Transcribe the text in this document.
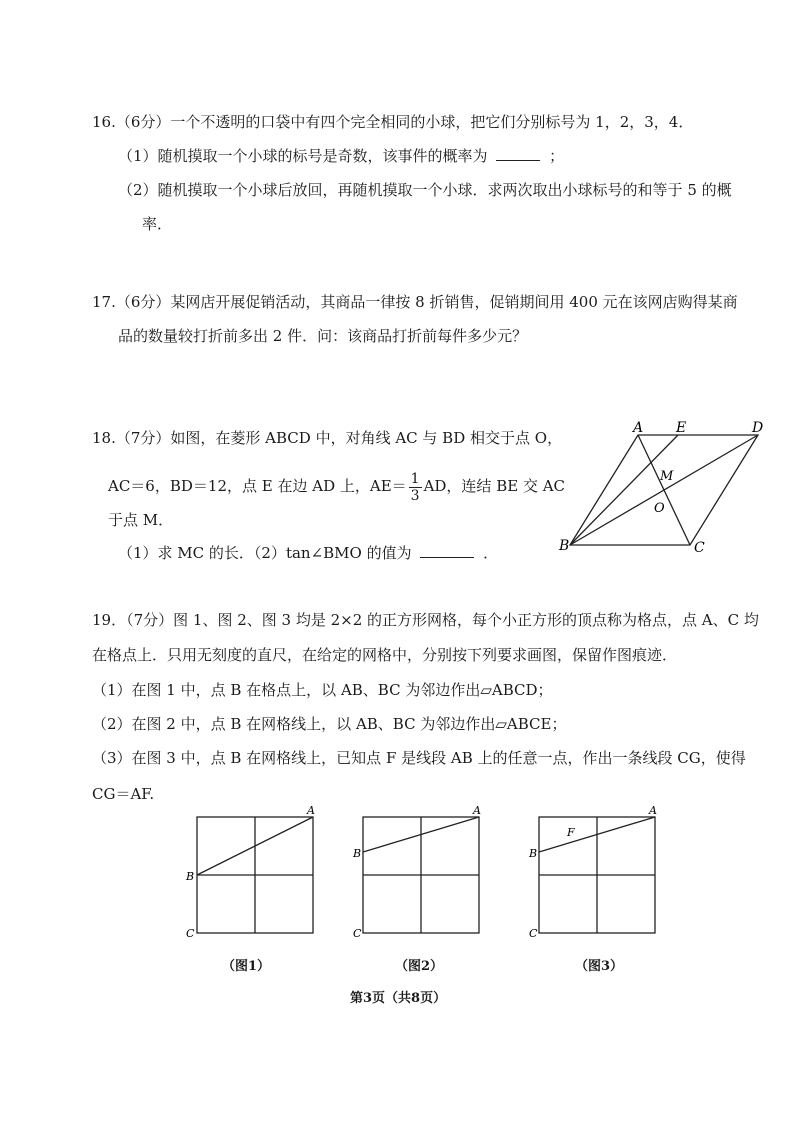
16.（6分）一个不透明的口袋中有四个完全相同的小球，把它们分别标号为 1，2，3，4．
（1）随机摸取一个小球的标号是奇数，该事件的概率为	；
（2）随机摸取一个小球后放回，再随机摸取一个小球．求两次取出小球标号的和等于 5 的概
率．
17.（6分）某网店开展促销活动，其商品一律按 8 折销售，促销期间用 400 元在该网店购得某商
品的数量较打折前多出 2 件．问：该商品打折前每件多少元？
18.（7分）如图，在菱形 ABCD 中，对角线 AC 与 BD 相交于点 O，
AC＝6，BD＝12，点 E 在边 AD 上，$AE= \frac{1}{3}$ AD，连结 BE 交 AC
于点 M．
（1）求 MC 的长．（2）tan∠BMO 的值为	．
A E	D
M
O
B	C
19．（7分）图 1、图 2、图 3 均是 2×2 的正方形网格，每个小正方形的顶点称为格点，点 A、C 均
在格点上．只用无刻度的直尺，在给定的网格中，分别按下列要求画图，保留作图痕迹．
（1）在图 1 中，点 B 在格点上，以 AB、BC 为邻边作出▱ABCD；
（2）在图 2 中，点 B 在网格线上，以 AB、BC 为邻边作出▱ABCE；
（3）在图 3 中，点 B 在网格线上，已知点 F 是线段 AB 上的任意一点，作出一条线段 CG，使得
CG＝AF.
A
B
C
A
B
C
A
F
B
C
（图1）	（图2）	（图3）
第3页（共8页）
